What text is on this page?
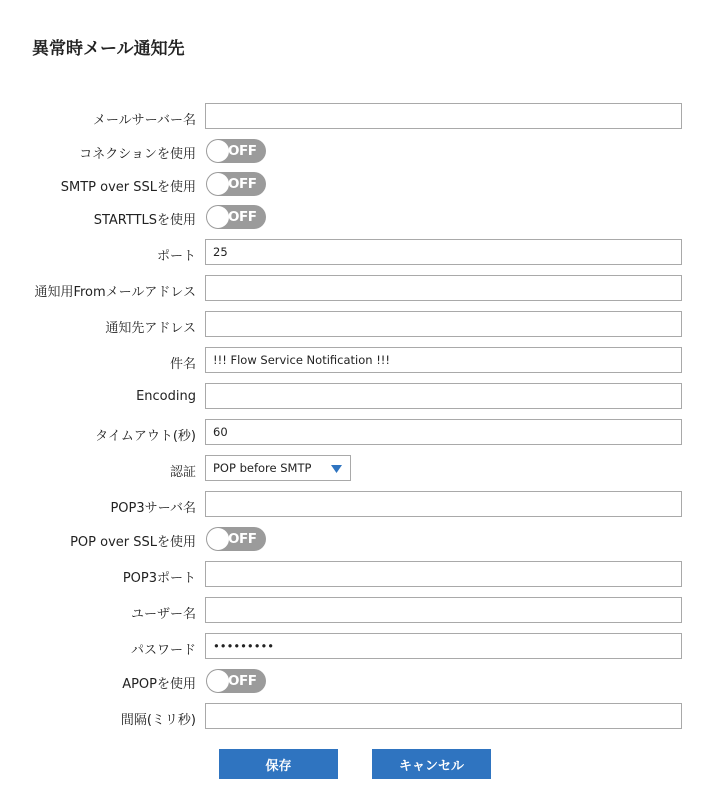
異常時メール通知先
メールサーバー名
コネクションを使用 OFF
SMTP over SSLを使用 OFF
STARTTLSを使用 OFF
ポート
25
通知用Fromメールアドレス
通知先アドレス
件名
!!! Flow Service Notification !!!
Encoding
タイムアウト(秒)
60
認証 POP before SMTP
POP3サーバ名
POP over SSLを使用 OFF
POP3ポート
ユーザー名
パスワード
•••••••••
APOPを使用 OFF
間隔(ミリ秒)
保存	キャンセル
